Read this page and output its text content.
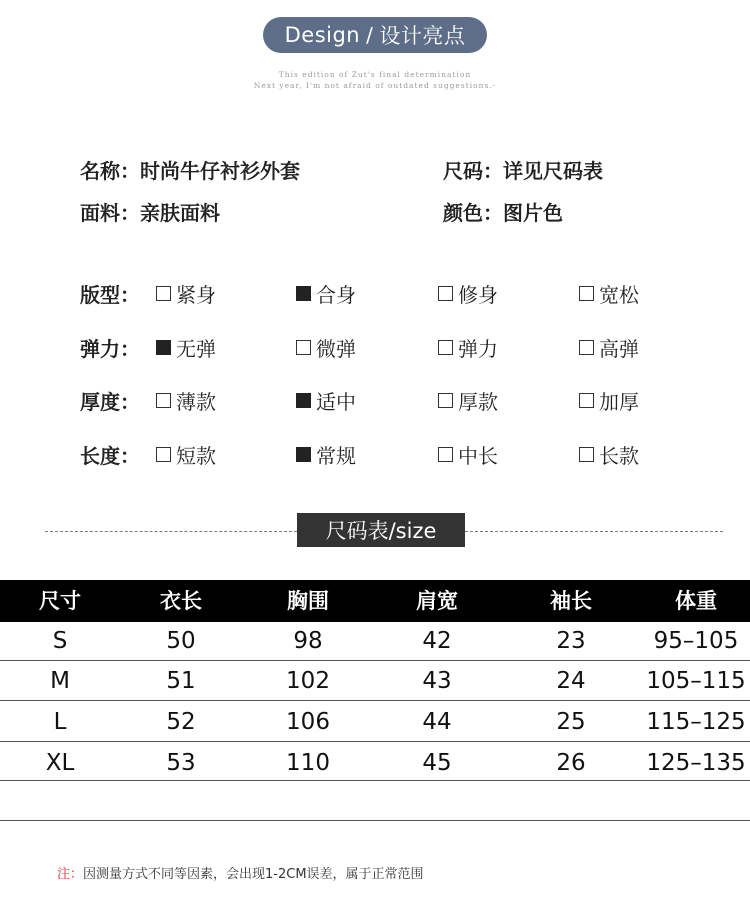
Design / 设计亮点
This edition of Zut's final determination
Next year, I'm not afraid of outdated suggestions.-
名称： 时尚牛仔衬衫外套	尺码： 详见尺码表
面料： 亲肤面料	颜色： 图片色
版型： 紧身	合身	修身	宽松
弹力： 无弹	微弹	弹力	高弹
厚度： 薄款	适中	厚款	加厚
长度： 短款	常规	中长	长款
尺码表/size
尺寸	衣长	胸围	肩宽	袖长	体重
S	50	98	42	23	95–105
M	51	102	43	24	105–115
L	52	106	44	25	115–125
XL	53	110	45	26	125–135
注：因测量方式不同等因素，会出现1-2CM误差，属于正常范围
